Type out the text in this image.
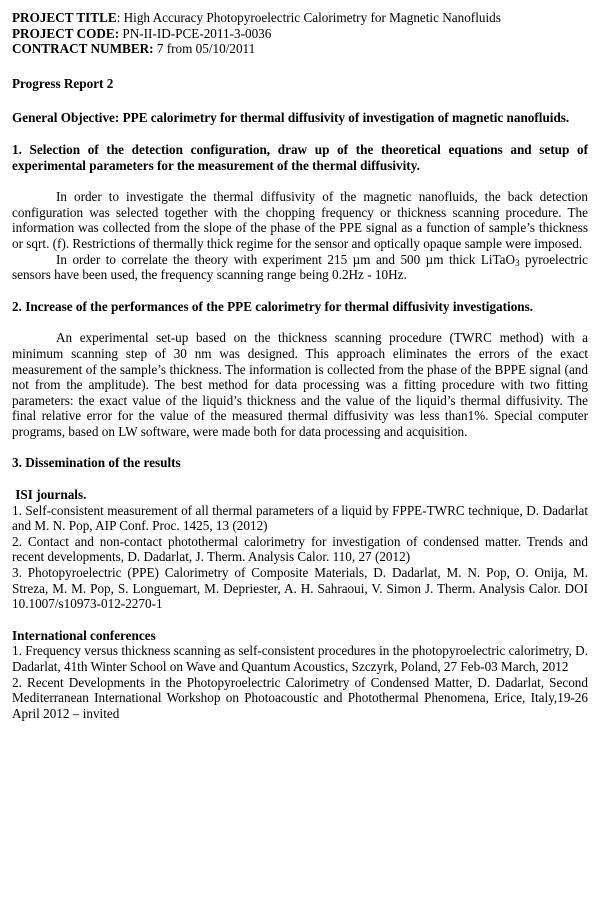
PROJECT TITLE: High Accuracy Photopyroelectric Calorimetry for Magnetic Nanofluids
PROJECT CODE: PN-II-ID-PCE-2011-3-0036
CONTRACT NUMBER: 7 from 05/10/2011

Progress Report 2

General Objective: PPE calorimetry for thermal diffusivity of investigation of magnetic nanofluids.

1. Selection of the detection configuration, draw up of the theoretical equations and setup of experimental parameters for the measurement of the thermal diffusivity.

In order to investigate the thermal diffusivity of the magnetic nanofluids, the back detection configuration was selected together with the chopping frequency or thickness scanning procedure. The information was collected from the slope of the phase of the PPE signal as a function of sample’s thickness or sqrt. (f). Restrictions of thermally thick regime for the sensor and optically opaque sample were imposed.

In order to correlate the theory with experiment 215 µm and 500 µm thick LiTaO$_3$ pyroelectric sensors have been used, the frequency scanning range being 0.2Hz - 10Hz.

2. Increase of the performances of the PPE calorimetry for thermal diffusivity investigations.

An experimental set-up based on the thickness scanning procedure (TWRC method) with a minimum scanning step of 30 nm was designed. This approach eliminates the errors of the exact measurement of the sample’s thickness. The information is collected from the phase of the BPPE signal (and not from the amplitude). The best method for data processing was a fitting procedure with two fitting parameters: the exact value of the liquid’s thickness and the value of the liquid’s thermal diffusivity. The final relative error for the value of the measured thermal diffusivity was less than1%. Special computer programs, based on LW software, were made both for data processing and acquisition.

3. Dissemination of the results

ISI journals.

1. Self-consistent measurement of all thermal parameters of a liquid by FPPE-TWRC technique, D. Dadarlat and M. N. Pop, AIP Conf. Proc. 1425, 13 (2012)

2. Contact and non-contact photothermal calorimetry for investigation of condensed matter. Trends and recent developments, D. Dadarlat, J. Therm. Analysis Calor. 110, 27 (2012)

3. Photopyroelectric (PPE) Calorimetry of Composite Materials, D. Dadarlat, M. N. Pop, O. Onija, M. Streza, M. M. Pop, S. Longuemart, M. Depriester, A. H. Sahraoui, V. Simon J. Therm. Analysis Calor. DOI 10.1007/s10973-012-2270-1

International conferences

1. Frequency versus thickness scanning as self-consistent procedures in the photopyroelectric calorimetry, D. Dadarlat, 41th Winter School on Wave and Quantum Acoustics, Szczyrk, Poland, 27 Feb-03 March, 2012

2. Recent Developments in the Photopyroelectric Calorimetry of Condensed Matter, D. Dadarlat, Second Mediterranean International Workshop on Photoacoustic and Photothermal Phenomena, Erice, Italy,19-26 April 2012 – invited
